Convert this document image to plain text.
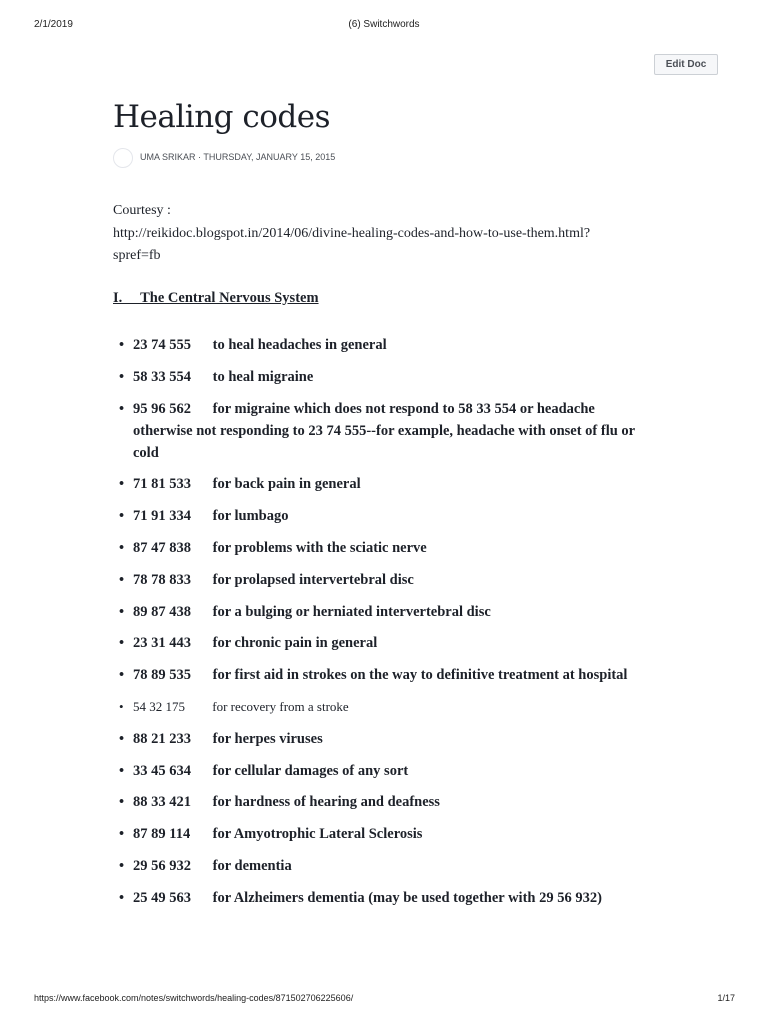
2/1/2019	(6) Switchwords
Edit Doc
Healing codes
UMA SRIKAR · THURSDAY, JANUARY 15, 2015
Courtesy :
http://reikidoc.blogspot.in/2014/06/divine-healing-codes-and-how-to-use-them.html?spref=fb
I.     The Central Nervous System
• 23 74 555 to heal headaches in general
• 58 33 554 to heal migraine
• 95 96 562 for migraine which does not respond to 58 33 554 or headache otherwise not responding to 23 74 555--for example, headache with onset of flu or cold
• 71 81 533 for back pain in general
• 71 91 334 for lumbago
• 87 47 838 for problems with the sciatic nerve
• 78 78 833 for prolapsed intervertebral disc
• 89 87 438 for a bulging or herniated intervertebral disc
• 23 31 443 for chronic pain in general
• 78 89 535 for first aid in strokes on the way to definitive treatment at hospital
• 54 32 175 for recovery from a stroke
• 88 21 233 for herpes viruses
• 33 45 634 for cellular damages of any sort
• 88 33 421 for hardness of hearing and deafness
• 87 89 114 for Amyotrophic Lateral Sclerosis
• 29 56 932 for dementia
• 25 49 563 for Alzheimers dementia (may be used together with 29 56 932)
https://www.facebook.com/notes/switchwords/healing-codes/871502706225606/	1/17
